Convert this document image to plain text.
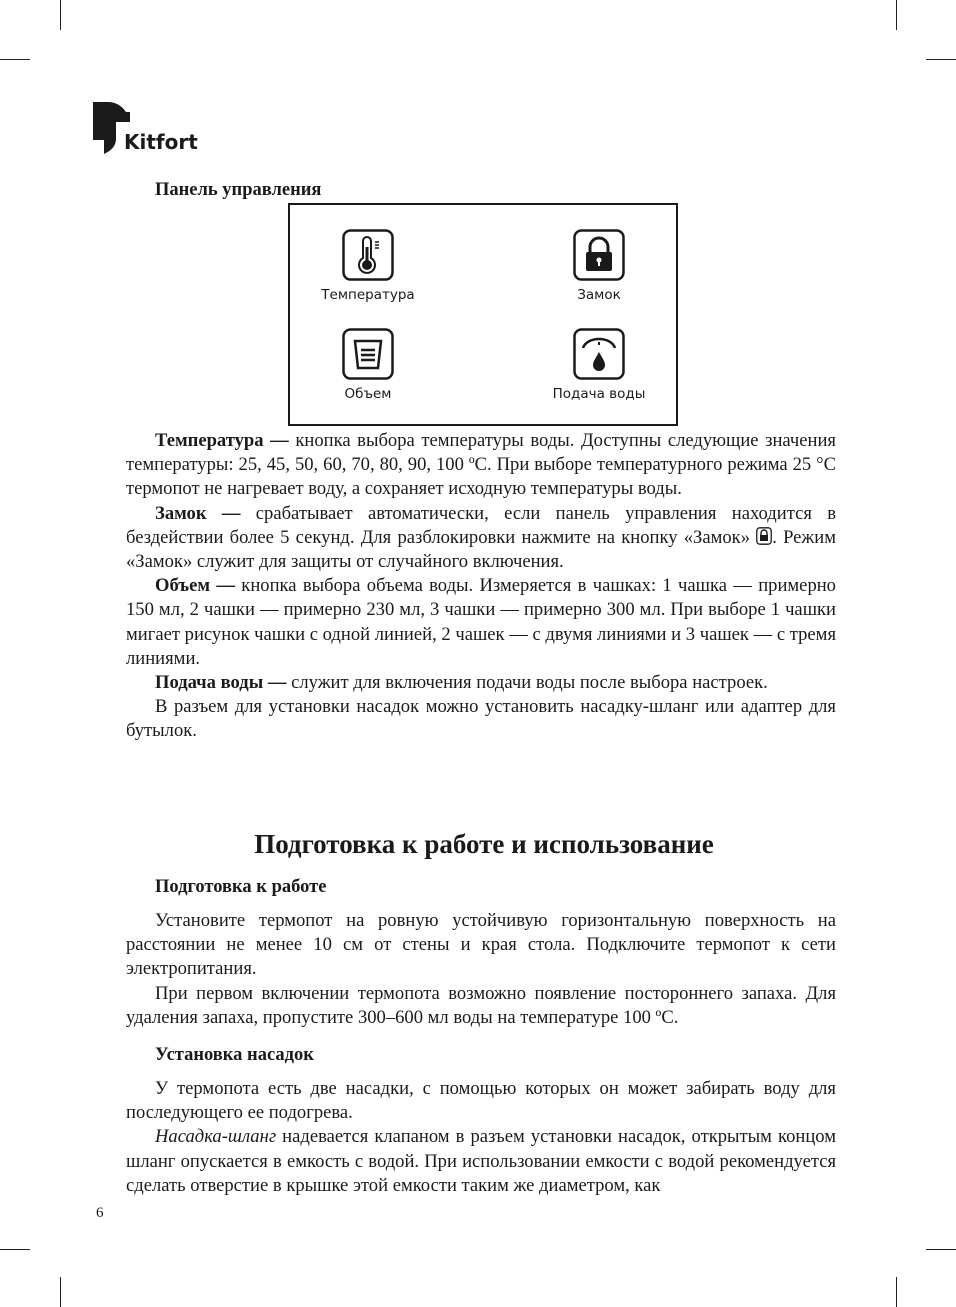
Kitfort
Панель управления
Температура	Замок
Объем	Подача воды

Температура — кнопка выбора температуры воды. Доступны следующие значения температуры: 25, 45, 50, 60, 70, 80, 90, 100 ºС. При выборе температурного режима 25 °С термопот не нагревает воду, а сохраняет исходную температуры воды.

Замок — срабатывает автоматически, если панель управления находится в бездействии более 5 секунд. Для разблокировки нажмите на кнопку «Замок» . Режим «Замок» служит для защиты от случайного включения.

Объем — кнопка выбора объема воды. Измеряется в чашках: 1 чашка — примерно 150 мл, 2 чашки — примерно 230 мл, 3 чашки — примерно 300 мл. При выборе 1 чашки мигает рисунок чашки с одной линией, 2 чашек — с двумя линиями и 3 чашек — с тремя линиями.

Подача воды — служит для включения подачи воды после выбора настроек.

В разъем для установки насадок можно установить насадку-шланг или адаптер для бутылок.

Подготовка к работе и использование
Подготовка к работе

Установите термопот на ровную устойчивую горизонтальную поверхность на расстоянии не менее 10 см от стены и края стола. Подключите термопот к сети электропитания.

При первом включении термопота возможно появление постороннего запаха. Для удаления запаха, пропустите 300–600 мл воды на температуре 100 ºС.

Установка насадок

У термопота есть две насадки, с помощью которых он может забирать воду для последующего ее подогрева.

Насадка-шланг надевается клапаном в разъем установки насадок, открытым концом шланг опускается в емкость с водой. При использовании емкости с водой рекомендуется сделать отверстие в крышке этой емкости таким же диаметром, как

6
